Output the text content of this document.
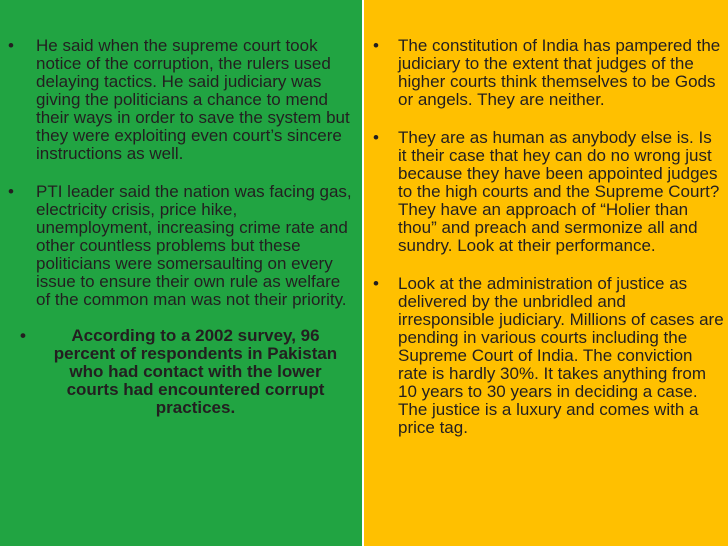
• He said when the supreme court took notice of the corruption, the rulers used delaying tactics. He said judiciary was giving the politicians a chance to mend their ways in order to save the system but they were exploiting even court’s sincere instructions as well.
• PTI leader said the nation was facing gas, electricity crisis, price hike, unemployment, increasing crime rate and other countless problems but these politicians were somersaulting on every issue to ensure their own rule as welfare of the common man was not their priority.
•	According to a 2002 survey, 96 percent of respondents in Pakistan who had contact with the lower courts had encountered corrupt practices.
• The constitution of India has pampered the judiciary to the extent that judges of the higher courts think themselves to be Gods or angels. They are neither.
• They are as human as anybody else is. Is it their case that hey can do no wrong just because they have been appointed judges to the high courts and the Supreme Court? They have an approach of “Holier than thou” and preach and sermonize all and sundry. Look at their performance.
• Look at the administration of justice as delivered by the unbridled and irresponsible judiciary. Millions of cases are pending in various courts including the Supreme Court of India. The conviction rate is hardly 30%. It takes anything from 10 years to 30 years in deciding a case. The justice is a luxury and comes with a price tag.
